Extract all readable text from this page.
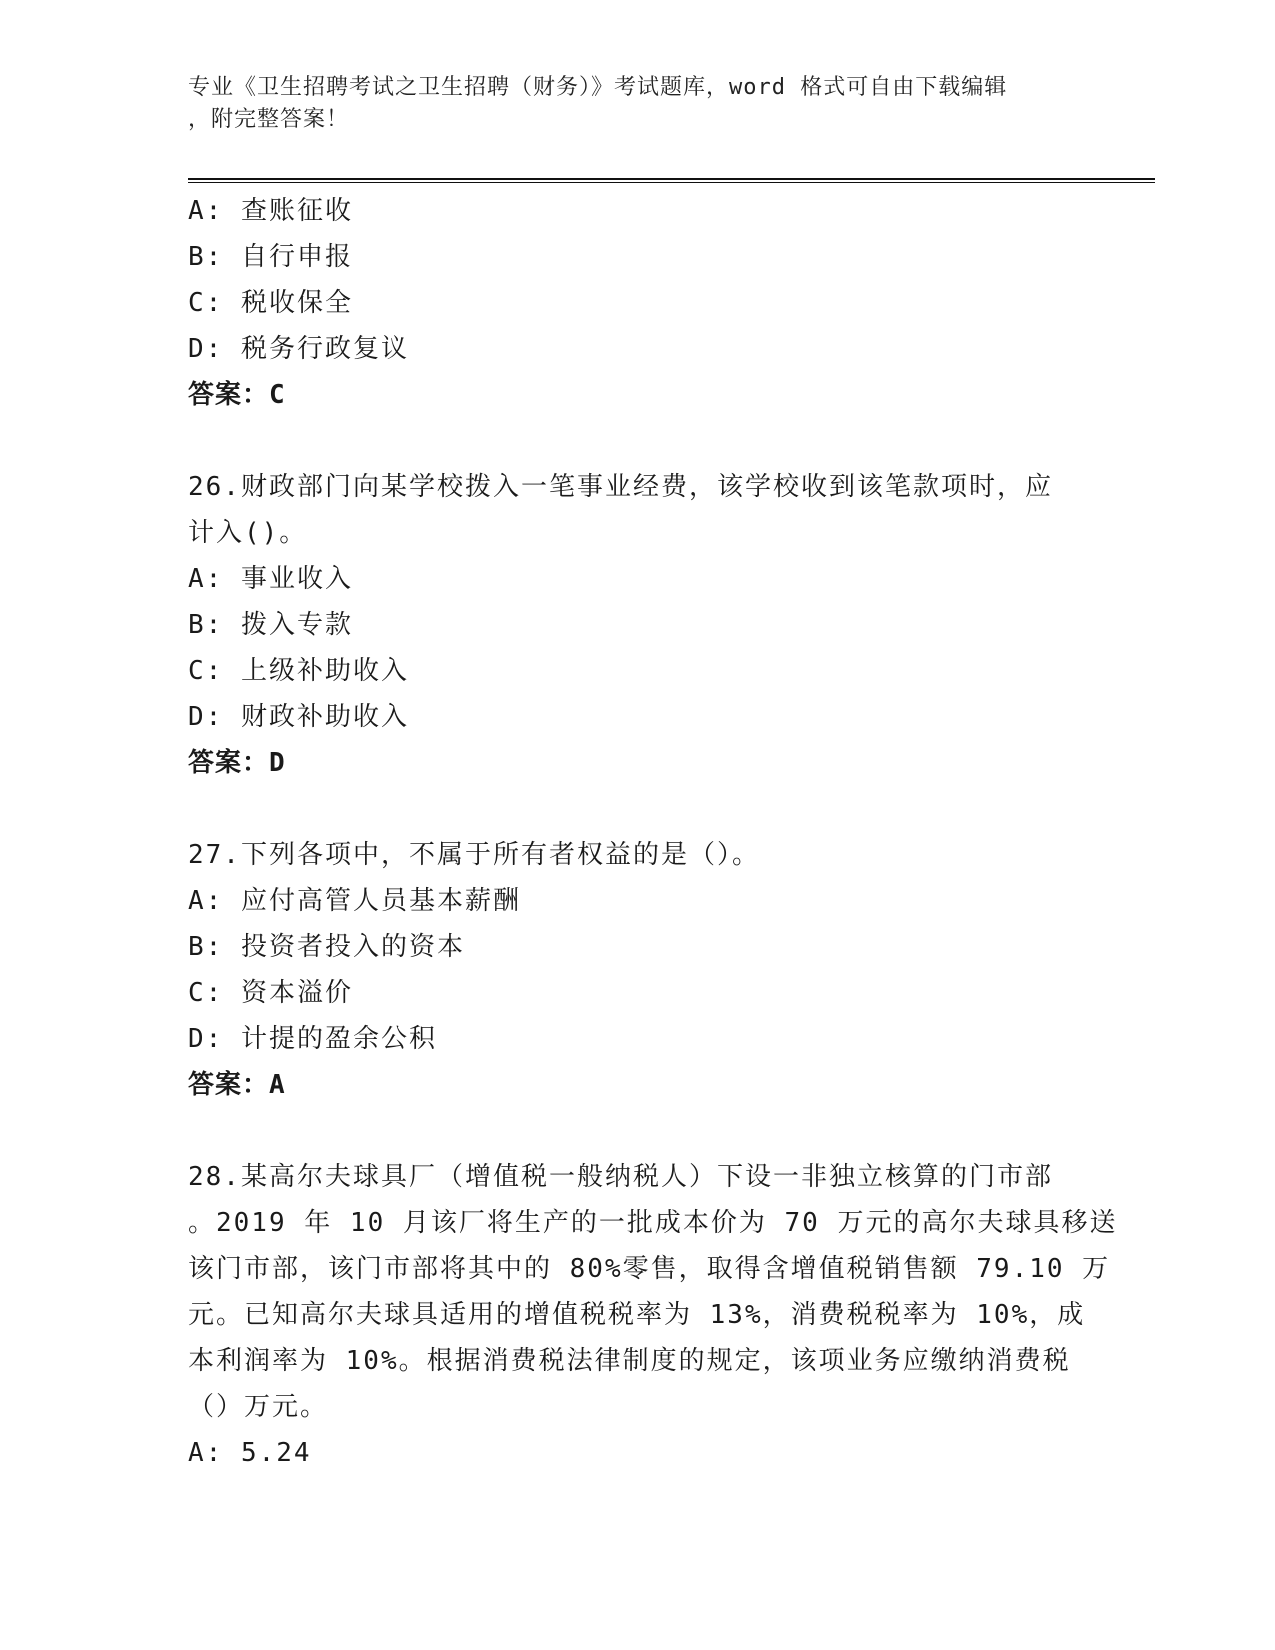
专业《卫生招聘考试之卫生招聘（财务）》考试题库，word 格式可自由下载编辑
，附完整答案！
A: 查账征收
B: 自行申报
C: 税收保全
D: 税务行政复议
答案：C
26.财政部门向某学校拨入一笔事业经费，该学校收到该笔款项时，应
计入()。
A: 事业收入
B: 拨入专款
C: 上级补助收入
D: 财政补助收入
答案：D
27.下列各项中，不属于所有者权益的是（）。
A: 应付高管人员基本薪酬
B: 投资者投入的资本
C: 资本溢价
D: 计提的盈余公积
答案：A
28.某高尔夫球具厂（增值税一般纳税人）下设一非独立核算的门市部
。2019 年 10 月该厂将生产的一批成本价为 70 万元的高尔夫球具移送
该门市部，该门市部将其中的 80%零售，取得含增值税销售额 79.10 万
元。已知高尔夫球具适用的增值税税率为 13%，消费税税率为 10%，成
本利润率为 10%。根据消费税法律制度的规定，该项业务应缴纳消费税
（）万元。
A: 5.24
